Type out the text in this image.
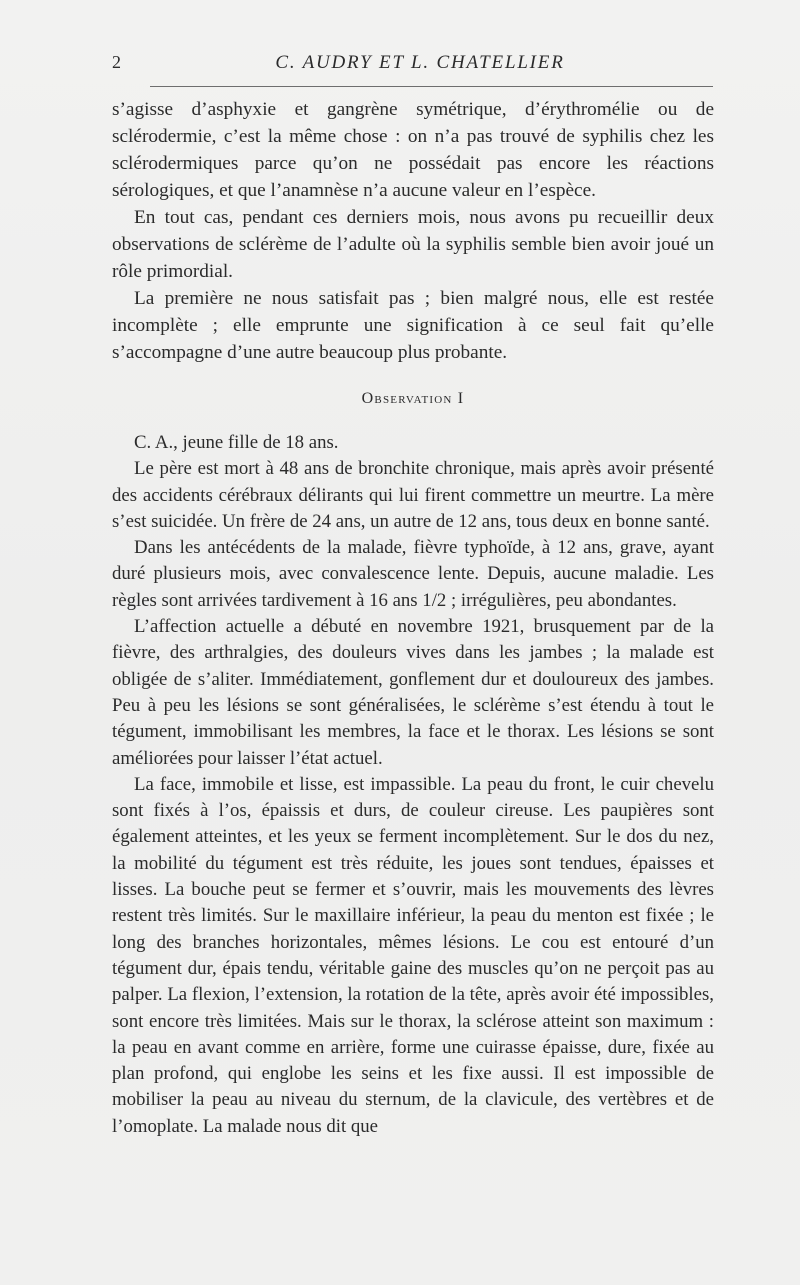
2	C. AUDRY ET L. CHATELLIER

s’agisse d’asphyxie et gangrène symétrique, d’érythromélie ou de sclérodermie, c’est la même chose : on n’a pas trouvé de syphilis chez les sclérodermiques parce qu’on ne possédait pas encore les réactions sérologiques, et que l’anamnèse n’a aucune valeur en l’espèce.

En tout cas, pendant ces derniers mois, nous avons pu recueillir deux observations de sclérème de l’adulte où la syphilis semble bien avoir joué un rôle primordial.

La première ne nous satisfait pas ; bien malgré nous, elle est restée incomplète ; elle emprunte une signification à ce seul fait qu’elle s’accompagne d’une autre beaucoup plus probante.

Observation I

C. A., jeune fille de 18 ans.

Le père est mort à 48 ans de bronchite chronique, mais après avoir présenté des accidents cérébraux délirants qui lui firent commettre un meurtre. La mère s’est suicidée. Un frère de 24 ans, un autre de 12 ans, tous deux en bonne santé.

Dans les antécédents de la malade, fièvre typhoïde, à 12 ans, grave, ayant duré plusieurs mois, avec convalescence lente. Depuis, aucune maladie. Les règles sont arrivées tardivement à 16 ans 1/2 ; irrégulières, peu abondantes.

L’affection actuelle a débuté en novembre 1921, brusquement par de la fièvre, des arthralgies, des douleurs vives dans les jambes ; la malade est obligée de s’aliter. Immédiatement, gonflement dur et douloureux des jambes. Peu à peu les lésions se sont généralisées, le sclérème s’est étendu à tout le tégument, immobilisant les membres, la face et le thorax. Les lésions se sont améliorées pour laisser l’état actuel.

La face, immobile et lisse, est impassible. La peau du front, le cuir chevelu sont fixés à l’os, épaissis et durs, de couleur cireuse. Les paupières sont également atteintes, et les yeux se ferment incomplètement. Sur le dos du nez, la mobilité du tégument est très réduite, les joues sont tendues, épaisses et lisses. La bouche peut se fermer et s’ouvrir, mais les mouvements des lèvres restent très limités. Sur le maxillaire inférieur, la peau du menton est fixée ; le long des branches horizontales, mêmes lésions. Le cou est entouré d’un tégument dur, épais tendu, véritable gaine des muscles qu’on ne perçoit pas au palper. La flexion, l’extension, la rotation de la tête, après avoir été impossibles, sont encore très limitées. Mais sur le thorax, la sclérose atteint son maximum : la peau en avant comme en arrière, forme une cuirasse épaisse, dure, fixée au plan profond, qui englobe les seins et les fixe aussi. Il est impossible de mobiliser la peau au niveau du sternum, de la clavicule, des vertèbres et de l’omoplate. La malade nous dit que
